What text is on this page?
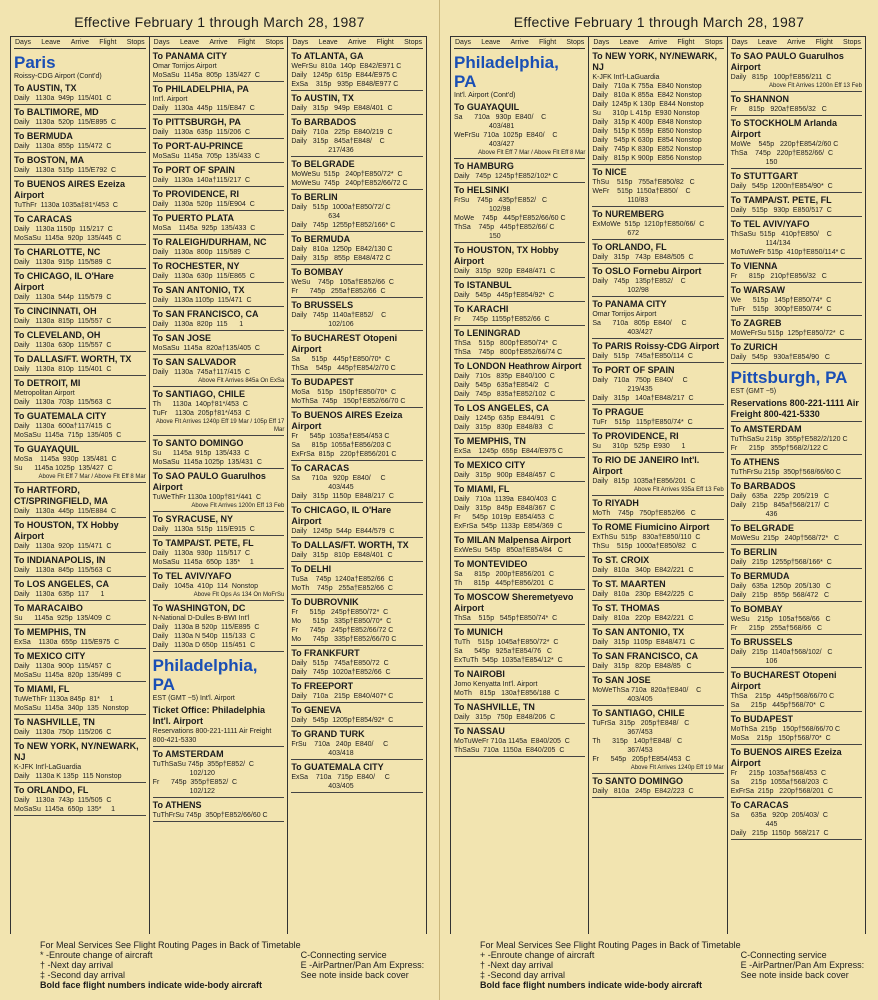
Effective February 1 through March 28, 1987
Days Leave Arrive Flight Stops
Paris
Roissy-CDG Airport (Cont'd)
To AUSTIN, TX
Daily   1130a  949p  115/401  C
To BALTIMORE, MD
Daily   1130a  520p  115/E895  C
To BERMUDA
Daily   1130a  855p  115/472  C
To BOSTON, MA
Daily   1130a  515p  115/E792  C
To BUENOS AIRES Ezeiza Airport
TuThFr  1130a 1035a‡81*/453  C
To CARACAS
Daily   1130a 1150p  115/217  C
MoSaSu  1145a  920p  135/445  C
To CHARLOTTE, NC
Daily   1130a  915p  115/589  C
To CHICAGO, IL O'Hare Airport
Daily   1130a  544p  115/579  C
To CINCINNATI, OH
Daily   1130a  815p  115/557  C
To CLEVELAND, OH
Daily   1130a  630p  115/557  C
To DALLAS/FT. WORTH, TX
Daily   1130a  810p  115/401  C
To DETROIT, MI
Metropolitan Airport
Daily   1130a  703p  115/563  C
To GUATEMALA CITY
Daily   1130a  600a†117/415  C
MoSaSu  1145a  715p  135/405  C
To GUAYAQUIL
MoSa    1145a  930p  135/481  C
Su      1145a 1025p  135/427  C
Above Flt Eff 7 Mar / Above Flt Eff 8 Mar
To HARTFORD, CT/SPRINGFIELD, MA
Daily   1130a  445p  115/E884  C
To HOUSTON, TX Hobby Airport
Daily   1130a  920p  115/471  C
To INDIANAPOLIS, IN
Daily   1130a  845p  115/563  C
To LOS ANGELES, CA
Daily   1130a  635p  117      1
To MARACAIBO
Su      1145a  925p  135/409  C
To MEMPHIS, TN
ExSa    1130a  655p  115/E975  C
To MEXICO CITY
Daily   1130a  900p  115/457  C
MoSaSu  1145a  820p  135/499  C
To MIAMI, FL
TuWeThFr 1130a 845p  81*     1
MoSaSu  1145a  340p  135  Nonstop
To NASHVILLE, TN
Daily   1130a  750p  115/206  C
To NEW YORK, NY/NEWARK, NJ
K-JFK Int'l-LaGuardia
Daily   1130a K 135p  115 Nonstop
To ORLANDO, FL
Daily   1130a  743p  115/505  C
MoSaSu  1145a  650p  135*     1
Days Leave Arrive Flight Stops
To PANAMA CITY
Omar Torrijos Airport
MoSaSu  1145a  805p  135/427  C
To PHILADELPHIA, PA
Int'l. Airport
Daily   1130a  445p  115/E847  C
To PITTSBURGH, PA
Daily   1130a  635p  115/206  C
To PORT-AU-PRINCE
MoSaSu  1145a  705p  135/433  C
To PORT OF SPAIN
Daily   1130a  140a†115/217  C
To PROVIDENCE, RI
Daily   1130a  520p  115/E904  C
To PUERTO PLATA
MoSa    1145a  925p  135/433  C
To RALEIGH/DURHAM, NC
Daily   1130a  800p  115/589  C
To ROCHESTER, NY
Daily   1130a  630p  115/E865  C
To SAN ANTONIO, TX
Daily   1130a 1105p  115/471  C
To SAN FRANCISCO, CA
Daily   1130a  820p  115      1
To SAN JOSE
MoSaSu  1145a  820a†135/405  C
To SAN SALVADOR
Daily   1130a  745a†117/415  C
Above Flt Arrives 845a On ExSa
To SANTIAGO, CHILE
Th      1130a  140p†81*/453  C
TuFr    1130a  205p†81*/453  C
Above Flt Arrives 1240p Eff 19 Mar / 105p Eff 17 Mar
To SANTO DOMINGO
Su      1145a  915p  135/433  C
MoSaSu  1145a 1025p  135/431  C
To SAO PAULO Guarulhos Airport
TuWeThFr 1130a 100p†81*/441  C
Above Flt Arrives 1200n Eff 13 Feb
To SYRACUSE, NY
Daily   1130a  515p  115/E915  C
To TAMPA/ST. PETE, FL
Daily   1130a  930p  115/517  C
MoSaSu  1145a  650p  135*     1
To TEL AVIV/YAFO
Daily   1045a  410p  114  Nonstop
Above Flt Ops As 134 On MoFrSu
To WASHINGTON, DC
N-National D-Dulles B-BWI Int'l
Daily   1130a B 520p  115/E895  C
Daily   1130a N 540p  115/133  C
Daily   1130a D 650p  115/451  C
Philadelphia, PA
EST (GMT −5) Int'l. Airport
Ticket Office: Philadelphia Int'l. Airport
Reservations 800-221-1111 Air Freight 800-421-5330
To AMSTERDAM
TuThSaSu 745p  355p†E852/  C
102/120
Fr      745p  355p†E852/  C
102/122
To ATHENS
TuThFrSu 745p  350p†E852/66/60 C
Days Leave Arrive Flight Stops
To ATLANTA, GA
WeFrSu  810a  140p  E842/E971 C
Daily   1245p  615p  E844/E975 C
ExSa    315p   935p  E848/E977 C
To AUSTIN, TX
Daily   315p   949p  E848/401  C
To BARBADOS
Daily   710a   225p  E840/219  C
Daily   315p   845a†E848/    C
217/436
To BELGRADE
MoWeSu  515p   240p†E850/72*  C
MoWeSu  745p   240p†E852/66/72 C
To BERLIN
Daily   515p  1000a†E850/72/ C
634
Daily   745p  1255p†E852/166* C
To BERMUDA
Daily   810a  1250p  E842/130 C
Daily   315p   855p  E848/472 C
To BOMBAY
WeSu    745p   105a†E852/66  C
Fr      745p   255a†E852/66  C
To BRUSSELS
Daily   745p  1140a†E852/    C
102/106
To BUCHAREST Otopeni Airport
Sa      515p   445p†E850/70*  C
ThSa    545p   445p†E854/2/70 C
To BUDAPEST
MoSa    515p   150p†E850/70*  C
MoThSa  745p   150p†E852/66/70 C
To BUENOS AIRES Ezeiza Airport
Fr      545p  1035a†E854/453 C
Sa      815p  1055a†E856/203 C
ExFrSa  815p   220p†E856/201 C
To CARACAS
Sa      710a   920p  E840/     C
403/445
Daily   315p  1150p  E848/217  C
To CHICAGO, IL O'Hare Airport
Daily   1245p  544p  E844/579  C
To DALLAS/FT. WORTH, TX
Daily   315p   810p  E848/401  C
To DELHI
TuSa    745p  1240a†E852/66  C
MoTh    745p   255a†E852/66  C
To DUBROVNIK
Fr      515p   245p†E850/72*  C
Mo      515p   335p†E850/70*  C
Fr      745p   245p†E852/66/72 C
Mo      745p   335p†E852/66/70 C
To FRANKFURT
Daily   515p   745a†E850/72  C
Daily   745p  1020a†E852/66  C
To FREEPORT
Daily   710a   215p  E840/407* C
To GENEVA
Daily   545p  1205p†E854/92*  C
To GRAND TURK
FrSu    710a   240p  E840/     C
403/418
To GUATEMALA CITY
ExSa    710a   715p  E840/     C
403/405
For Meal Services See Flight Routing Pages in Back of Timetable
* -Enroute change of aircraft
† -Next day arrival
‡ -Second day arrival
Bold face flight numbers indicate wide-body aircraft
C-Connecting service
E -AirPartner/Pan Am Express:
See note inside back cover
Effective February 1 through March 28, 1987
Days Leave Arrive Flight Stops
Philadelphia, PA
Int'l. Airport (Cont'd)
To GUAYAQUIL
Sa      710a   930p  E840/    C
403/481
WeFrSu  710a  1025p  E840/    C
403/427
Above Flt Eff 7 Mar / Above Flt Eff 8 Mar
To HAMBURG
Daily   745p  1245p†E852/102* C
To HELSINKI
FrSu    745p   435p†E852/   C
102/98
MoWe    745p   445p†E852/66/60 C
ThSa    745p   445p†E852/66/ C
150
To HOUSTON, TX Hobby Airport
Daily   315p   920p  E848/471  C
To ISTANBUL
Daily   545p   445p†E854/92*  C
To KARACHI
Fr      745p  1155p†E852/66  C
To LENINGRAD
ThSa    515p   800p†E850/74*  C
ThSa    745p   800p†E852/66/74 C
To LONDON Heathrow Airport
Daily   710s   835p  E840/100  C
Daily   545p   635a†E854/2   C
Daily   745p   835a†E852/102  C
To LOS ANGELES, CA
Daily   1245p  635p  E844/91   C
Daily   315p   830p  E848/83   C
To MEMPHIS, TN
ExSa    1245p  655p  E844/E975 C
To MEXICO CITY
Daily   315p   900p  E848/457  C
To MIAMI, FL
Daily   710a  1139a  E840/403  C
Daily   315p   845p  E848/367  C
Fr      545p  1019p  E854/453  C
ExFrSa  545p  1133p  E854/369  C
To MILAN Malpensa Airport
ExWeSu  545p   850a†E854/84   C
To MONTEVIDEO
Sa      815p   200p†E856/201  C
Th      815p   445p†E856/201  C
To MOSCOW Sheremetyevo Airport
ThSa    515p   545p†E850/74*  C
To MUNICH
TuTh    515p  1045a†E850/72*  C
Sa      545p   925a†E854/76   C
ExTuTh  545p  1035a†E854/12*  C
To NAIROBI
Jomo Kenyatta Int'l. Airport
MoTh    815p   130a†E856/188  C
To NASHVILLE, TN
Daily   315p   750p  E848/206  C
To NASSAU
MoTuWeFr 710a 1145a  E840/205  C
ThSaSu  710a  1150a  E840/205  C
Days Leave Arrive Flight Stops
To NEW YORK, NY/NEWARK, NJ
K-JFK Int'l-LaGuardia
Daily   710a K 755a  E840 Nonstop
Daily   810a K 855a  E842 Nonstop
Daily  1245p K 130p  E844 Nonstop
Su      310p L 415p  E930 Nonstop
Daily   315p K 400p  E848 Nonstop
Daily   515p K 559p  E850 Nonstop
Daily   545p K 630p  E854 Nonstop
Daily   745p K 830p  E852 Nonstop
Daily   815p K 900p  E856 Nonstop
To NICE
ThSu    515p   755a†E850/82   C
WeFr    515p  1150a†E850/    C
110/83
To NUREMBERG
ExMoWe  515p  1210p†E850/66/  C
672
To ORLANDO, FL
Daily   315p   743p  E848/505  C
To OSLO Fornebu Airport
Daily   745p   135p†E852/    C
102/98
To PANAMA CITY
Omar Torrijos Airport
Sa      710a   805p  E840/     C
403/427
To PARIS Roissy-CDG Airport
Daily   515p   745a†E850/114  C
To PORT OF SPAIN
Daily   710a   750p  E840/     C
219/435
Daily   315p   140a†E848/217  C
To PRAGUE
TuFr    515p   115p†E850/74*  C
To PROVIDENCE, RI
Su      310p   525p  E930      1
To RIO DE JANEIRO Int'l. Airport
Daily   815p  1035a†E856/201  C
Above Flt Arrives 935a Eff 13 Feb
To RIYADH
MoTh    745p   750p†E852/66   C
To ROME Fiumicino Airport
ExThSu  515p   830a†E850/110  C
ThSu    515p  1000a†E850/82   C
To ST. CROIX
Daily   810a   340p  E842/221  C
To ST. MAARTEN
Daily   810a   230p  E842/225  C
To ST. THOMAS
Daily   810a   220p  E842/221  C
To SAN ANTONIO, TX
Daily   315p  1105p  E848/471  C
To SAN FRANCISCO, CA
Daily   315p   820p  E848/85   C
To SAN JOSE
MoWeThSa 710a  820a†E840/    C
403/405
To SANTIAGO, CHILE
TuFrSa  315p   205p†E848/   C
367/453
Th      315p   140p†E848/   C
367/453
Fr      545p   205p†E854/453  C
Above Flt Arrives 1240p Eff 19 Mar
To SANTO DOMINGO
Daily   810a   245p  E842/223  C
Days Leave Arrive Flight Stops
To SAO PAULO Guarulhos Airport
Daily   815p   100p†E856/211  C
Above Flt Arrives 1200n Eff 13 Feb
To SHANNON
Fr      815p   920a†E856/32   C
To STOCKHOLM Arlanda Airport
MoWe    545p   220p†E854/2/60 C
ThSa    745p   220p†E852/66/  C
150
To STUTTGART
Daily   545p  1200n†E854/90*  C
To TAMPA/ST. PETE, FL
Daily   515p   930p  E850/517  C
To TEL AVIV/YAFO
ThSaSu  515p   410p†E850/    C
114/134
MoTuWeFr 515p  410p†E850/114* C
To VIENNA
Fr      815p   210p†E856/32   C
To WARSAW
We      515p   145p†E850/74*  C
TuFr    515p   300p†E850/74*  C
To ZAGREB
MoWeFrSu 515p  125p†E850/72*  C
To ZURICH
Daily   545p   930a†E854/90   C
Pittsburgh, PA
EST (GMT −5)
Reservations 800-221-1111 Air Freight 800-421-5330
To AMSTERDAM
TuThSaSu 215p  355p†E582/2/120 C
Fr      215p   355p†568/2/122 C
To ATHENS
TuThFrSu 215p  350p†568/66/60 C
To BARBADOS
Daily   635a   225p  205/219   C
Daily   215p   845a†568/217/  C
436
To BELGRADE
MoWeSu  215p   240p†568/72*   C
To BERLIN
Daily   215p  1255p†568/166*  C
To BERMUDA
Daily   635a  1250p  205/130   C
Daily   215p   855p  568/472   C
To BOMBAY
WeSu    215p   105a†568/66   C
Fr      215p   255a†568/66   C
To BRUSSELS
Daily   215p  1140a†568/102/   C
106
To BUCHAREST Otopeni Airport
ThSa    215p   445p†568/66/70 C
Sa      215p   445p†568/70*  C
To BUDAPEST
MoThSa  215p   150p†568/66/70 C
MoSa    215p   150p†568/70*  C
To BUENOS AIRES Ezeiza Airport
Fr      215p  1035a†568/453  C
Sa      215p  1055a†568/203  C
ExFrSa  215p   220p†568/201  C
To CARACAS
Sa      635a   920p  205/403/  C
445
Daily   215p  1150p  568/217  C
For Meal Services See Flight Routing Pages in Back of Timetable
+ -Enroute change of aircraft
† -Next day arrival
‡ -Second day arrival
Bold face flight numbers indicate wide-body aircraft
C-Connecting service
E -AirPartner/Pan Am Express:
See note inside back cover
